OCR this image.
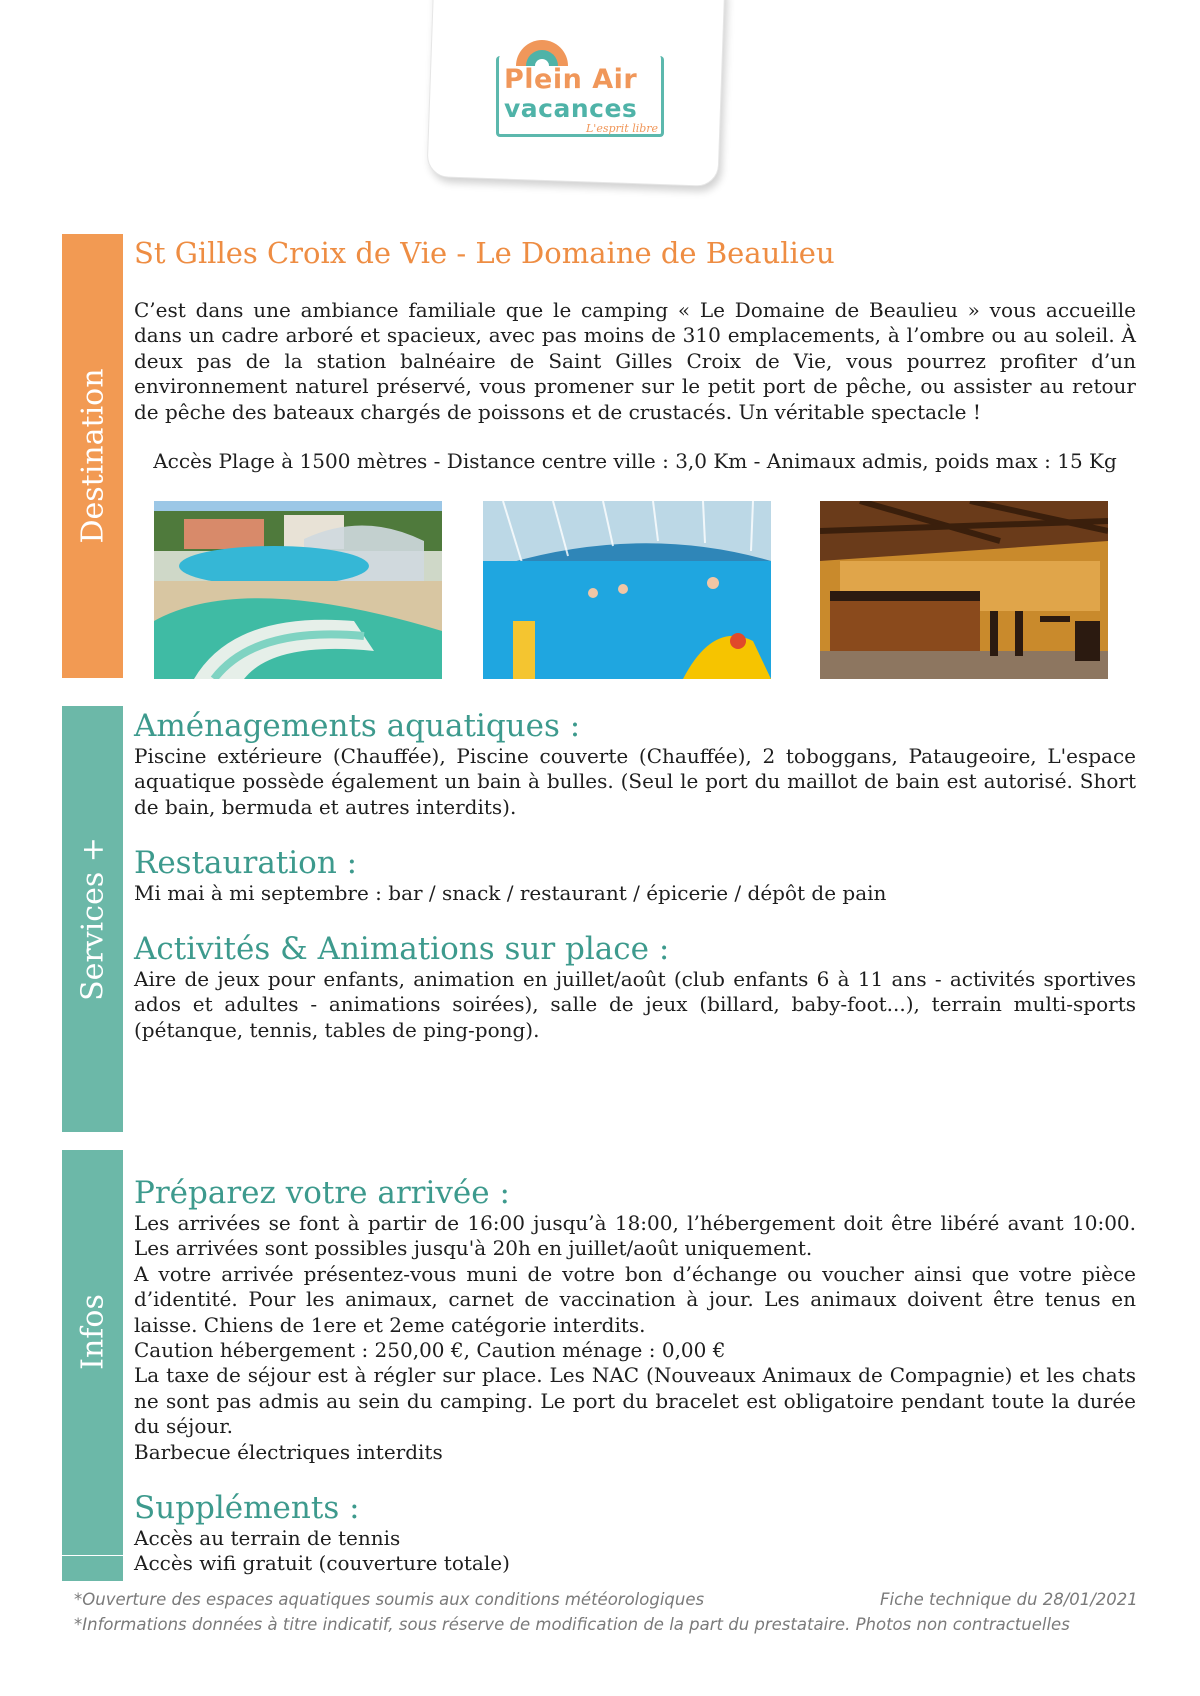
Plein Air
vacances
L'esprit libre
Destination
Services +
Infos
St Gilles Croix de Vie - Le Domaine de Beaulieu

C’est dans une ambiance familiale que le camping « Le Domaine de Beaulieu » vous accueille dans un cadre arboré et spacieux, avec pas moins de 310 emplacements, à l’ombre ou au soleil. À deux pas de la station balnéaire de Saint Gilles Croix de Vie, vous pourrez profiter d’un environnement naturel préservé, vous promener sur le petit port de pêche, ou assister au retour de pêche des bateaux chargés de poissons et de crustacés. Un véritable spectacle !

Accès Plage à 1500 mètres - Distance centre ville : 3,0 Km - Animaux admis, poids max : 15 Kg
Aménagements aquatiques :

Piscine extérieure (Chauffée), Piscine couverte (Chauffée), 2 toboggans, Pataugeoire, L'espace aquatique possède également un bain à bulles. (Seul le port du maillot de bain est autorisé. Short de bain, bermuda et autres interdits).

Restauration :

Mi mai à mi septembre : bar / snack / restaurant / épicerie / dépôt de pain

Activités & Animations sur place :

Aire de jeux pour enfants, animation en juillet/août (club enfants 6 à 11 ans - activités sportives ados et adultes - animations soirées), salle de jeux (billard, baby-foot...), terrain multi-sports (pétanque, tennis, tables de ping-pong).

Préparez votre arrivée :

Les arrivées se font à partir de 16:00 jusqu’à 18:00, l’hébergement doit être libéré avant 10:00. Les arrivées sont possibles jusqu'à 20h en juillet/août uniquement.

A votre arrivée présentez-vous muni de votre bon d’échange ou voucher ainsi que votre pièce d’identité. Pour les animaux, carnet de vaccination à jour. Les animaux doivent être tenus en laisse. Chiens de 1ere et 2eme catégorie interdits.

Caution hébergement : 250,00 €, Caution ménage : 0,00 €

La taxe de séjour est à régler sur place. Les NAC (Nouveaux Animaux de Compagnie) et les chats ne sont pas admis au sein du camping. Le port du bracelet est obligatoire pendant toute la durée du séjour.

Barbecue électriques interdits

Suppléments :

Accès au terrain de tennis

Accès wifi gratuit (couverture totale)

*Ouverture des espaces aquatiques soumis aux conditions météorologiques	Fiche technique du 28/01/2021
*Informations données à titre indicatif, sous réserve de modification de la part du prestataire. Photos non contractuelles
